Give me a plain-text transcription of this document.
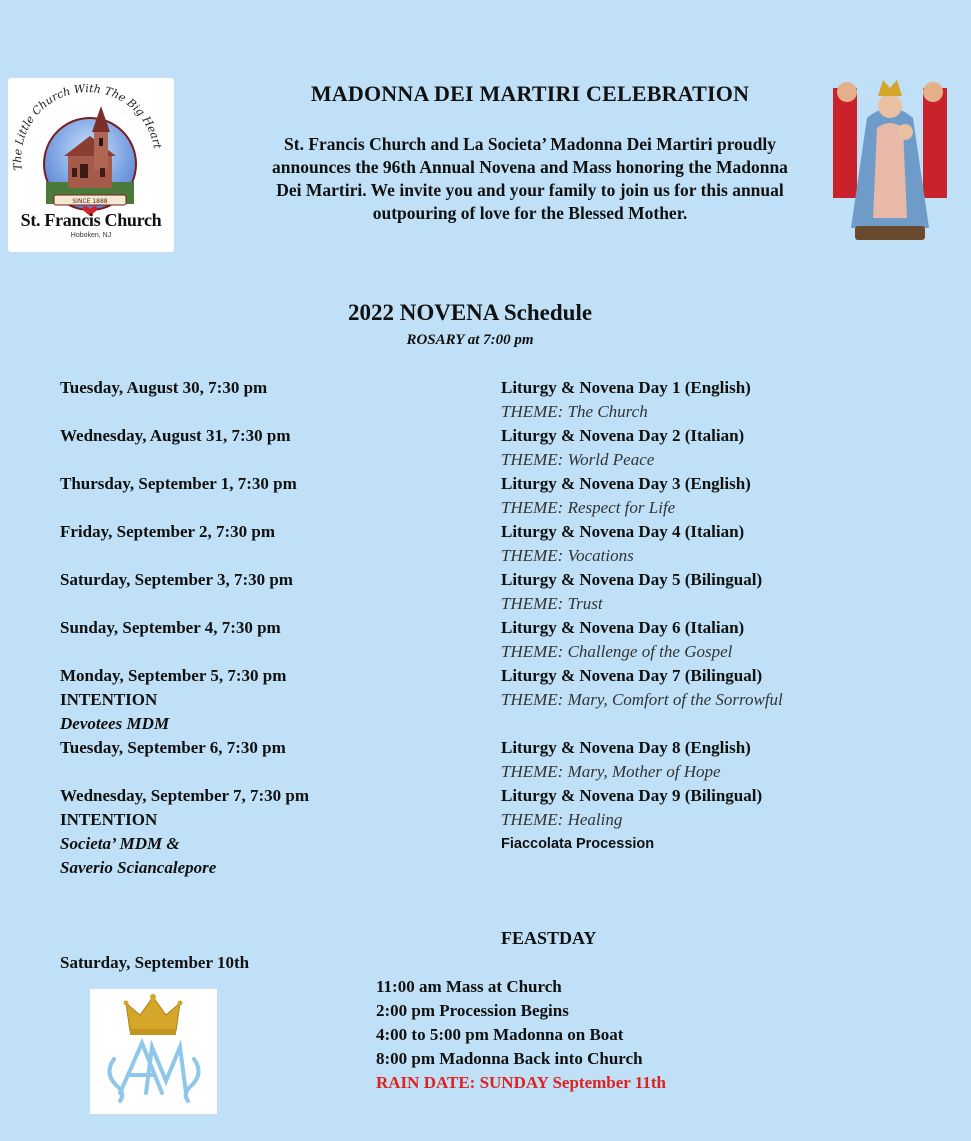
The Little Church With The Big Heart
SINCE 1888
St. Francis Church
Hoboken, NJ
MADONNA DEI MARTIRI CELEBRATION
St. Francis Church and La Societa’ Madonna Dei Martiri proudly
announces the 96th Annual Novena and Mass honoring the Madonna
Dei Martiri. We invite you and your family to join us for this annual
outpouring of love for the Blessed Mother.
2022 NOVENA Schedule
ROSARY at 7:00 pm
Tuesday, August 30, 7:30 pm	Liturgy & Novena Day 1 (English)
THEME: The Church
Wednesday, August 31, 7:30 pm	Liturgy & Novena Day 2 (Italian)
THEME: World Peace
Thursday, September 1, 7:30 pm	Liturgy & Novena Day 3 (English)
THEME: Respect for Life
Friday, September 2, 7:30 pm	Liturgy & Novena Day 4 (Italian)
THEME: Vocations
Saturday, September 3, 7:30 pm	Liturgy & Novena Day 5 (Bilingual)
THEME: Trust
Sunday, September 4, 7:30 pm	Liturgy & Novena Day 6 (Italian)
THEME: Challenge of the Gospel
Monday, September 5, 7:30 pm
INTENTION
Devotees MDM
Liturgy & Novena Day 7 (Bilingual)
THEME: Mary, Comfort of the Sorrowful
Tuesday, September 6, 7:30 pm	Liturgy & Novena Day 8 (English)
THEME: Mary, Mother of Hope
Wednesday, September 7, 7:30 pm
INTENTION
Societa’ MDM &
Saverio Sciancalepore
Liturgy & Novena Day 9 (Bilingual)
THEME: Healing
Fiaccolata Procession
FEASTDAY
Saturday, September 10th
11:00 am Mass at Church
2:00 pm Procession Begins
4:00 to 5:00 pm Madonna on Boat
8:00 pm Madonna Back into Church
RAIN DATE: SUNDAY September 11th
